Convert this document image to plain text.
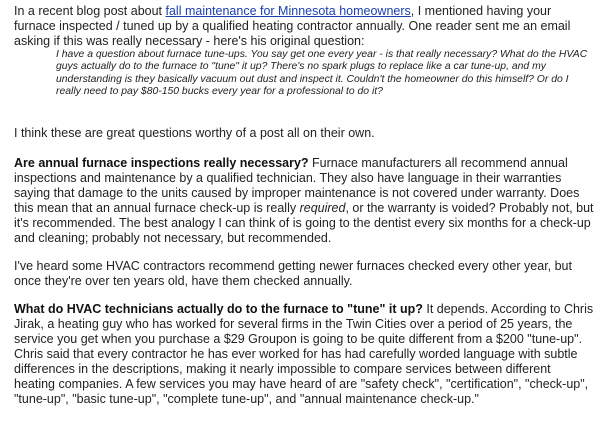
In a recent blog post about fall maintenance for Minnesota homeowners, I mentioned having your furnace inspected / tuned up by a qualified heating contractor annually. One reader sent me an email asking if this was really necessary - here's his original question:

I have a question about furnace tune-ups. You say get one every year - is that really necessary? What do the HVAC guys actually do to the furnace to "tune" it up? There's no spark plugs to replace like a car tune-up, and my understanding is they basically vacuum out dust and inspect it. Couldn't the homeowner do this himself? Or do I really need to pay $80-150 bucks every year for a professional to do it?

I think these are great questions worthy of a post all on their own.

Are annual furnace inspections really necessary? Furnace manufacturers all recommend annual inspections and maintenance by a qualified technician. They also have language in their warranties saying that damage to the units caused by improper maintenance is not covered under warranty. Does this mean that an annual furnace check-up is really required, or the warranty is voided? Probably not, but it's recommended. The best analogy I can think of is going to the dentist every six months for a check-up and cleaning; probably not necessary, but recommended.

I've heard some HVAC contractors recommend getting newer furnaces checked every other year, but once they're over ten years old, have them checked annually.

What do HVAC technicians actually do to the furnace to "tune" it up? It depends. According to Chris Jirak, a heating guy who has worked for several firms in the Twin Cities over a period of 25 years, the service you get when you purchase a $29 Groupon is going to be quite different from a $200 "tune-up". Chris said that every contractor he has ever worked for has had carefully worded language with subtle differences in the descriptions, making it nearly impossible to compare services between different heating companies. A few services you may have heard of are "safety check", "certification", "check-up", "tune-up", "basic tune-up", "complete tune-up", and "annual maintenance check-up."
